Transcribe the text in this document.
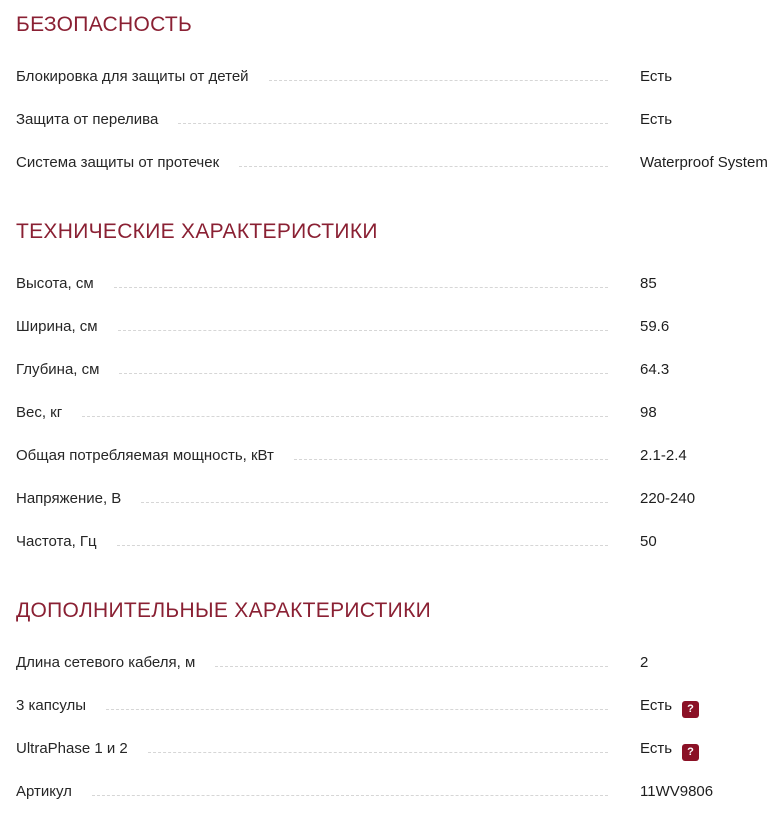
БЕЗОПАСНОСТЬ
Блокировка для защиты от детей	Есть
Защита от перелива	Есть
Система защиты от протечек	Waterproof System
ТЕХНИЧЕСКИЕ ХАРАКТЕРИСТИКИ
Высота, см	85
Ширина, см	59.6
Глубина, см	64.3
Вес, кг	98
Общая потребляемая мощность, кВт	2.1-2.4
Напряжение, В	220-240
Частота, Гц	50
ДОПОЛНИТЕЛЬНЫЕ ХАРАКТЕРИСТИКИ
Длина сетевого кабеля, м	2
3 капсулы	Есть ?
UltraPhase 1 и 2	Есть ?
Артикул	11WV9806
